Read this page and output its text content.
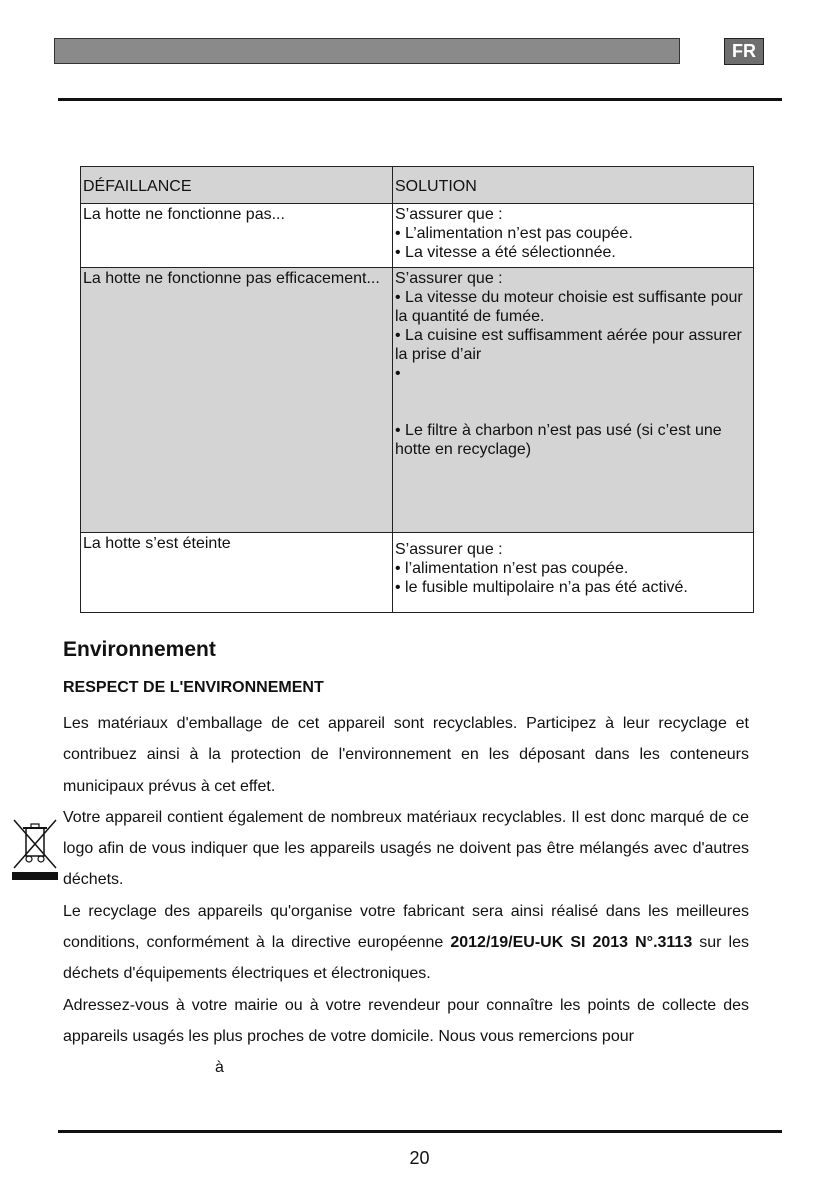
FR
DÉFAILLANCE	SOLUTION
La hotte ne fonctionne pas...	S’assurer que :
• L’alimentation n’est pas coupée.
• La vitesse a été sélectionnée.

La hotte ne fonctionne pas efficacement...	S’assurer que :
• La vitesse du moteur choisie est suffisante pour la quantité de fumée.
• La cuisine est suffisamment aérée pour assurer la prise d’air
•
• Le filtre à charbon n’est pas usé (si c’est une hotte en recyclage)

La hotte s’est éteinte	S’assurer que :
• l’alimentation n’est pas coupée.
• le fusible multipolaire n’a pas été activé.
Environnement
RESPECT DE L'ENVIRONNEMENT

Les matériaux d'emballage de cet appareil sont recyclables. Participez à leur recyclage et contribuez ainsi à la protection de l'environnement en les déposant dans les conteneurs municipaux prévus à cet effet.

Votre appareil contient également de nombreux matériaux recyclables. Il est donc marqué de ce logo afin de vous indiquer que les appareils usagés ne doivent pas être mélangés avec d'autres déchets.

Le recyclage des appareils qu'organise votre fabricant sera ainsi réalisé dans les meilleures conditions, conformément à la directive européenne 2012/19/EU-UK SI 2013 N°.3113 sur les déchets d'équipements électriques et électroniques.

Adressez-vous à votre mairie ou à votre revendeur pour connaître les points de collecte des appareils usagés les plus proches de votre domicile. Nous vous remercions pour

à

20
